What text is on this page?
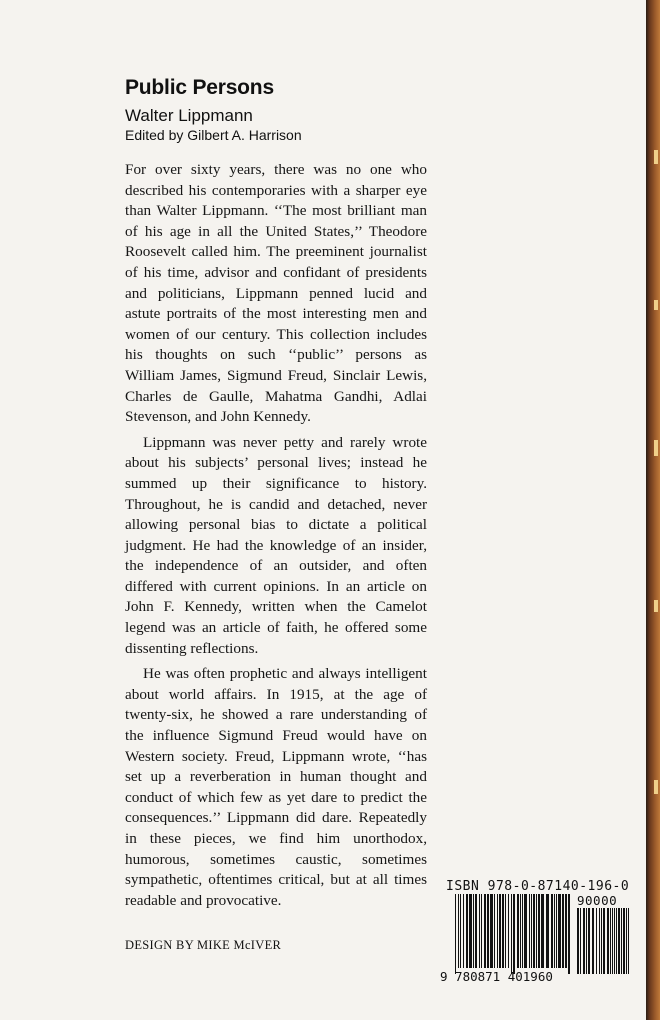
Public Persons
Walter Lippmann
Edited by Gilbert A. Harrison

For over sixty years, there was no one who described his contemporaries with a sharper eye than Walter Lippmann. ‘‘The most brilliant man of his age in all the United States,’’ Theodore Roosevelt called him. The preeminent journalist of his time, advisor and confidant of presidents and politicians, Lippmann penned lucid and astute portraits of the most interesting men and women of our century. This collection includes his thoughts on such ‘‘public’’ persons as William James, Sigmund Freud, Sinclair Lewis, Charles de Gaulle, Mahatma Gandhi, Adlai Stevenson, and John Kennedy.

Lippmann was never petty and rarely wrote about his subjects’ personal lives; instead he summed up their significance to history. Throughout, he is candid and detached, never allowing personal bias to dictate a political judgment. He had the knowledge of an insider, the independence of an outsider, and often differed with current opinions. In an article on John F. Kennedy, written when the Camelot legend was an article of faith, he offered some dissenting reflections.

He was often prophetic and always intelligent about world affairs. In 1915, at the age of twenty-six, he showed a rare understanding of the influence Sigmund Freud would have on Western society. Freud, Lippmann wrote, ‘‘has set up a reverberation in human thought and conduct of which few as yet dare to predict the consequences.’’ Lippmann did dare. Repeatedly in these pieces, we find him unorthodox, humorous, sometimes caustic, sometimes sympathetic, oftentimes critical, but at all times readable and provocative.

DESIGN BY MIKE McIVER
ISBN 978-0-87140-196-0
9 780871 401960
90000
